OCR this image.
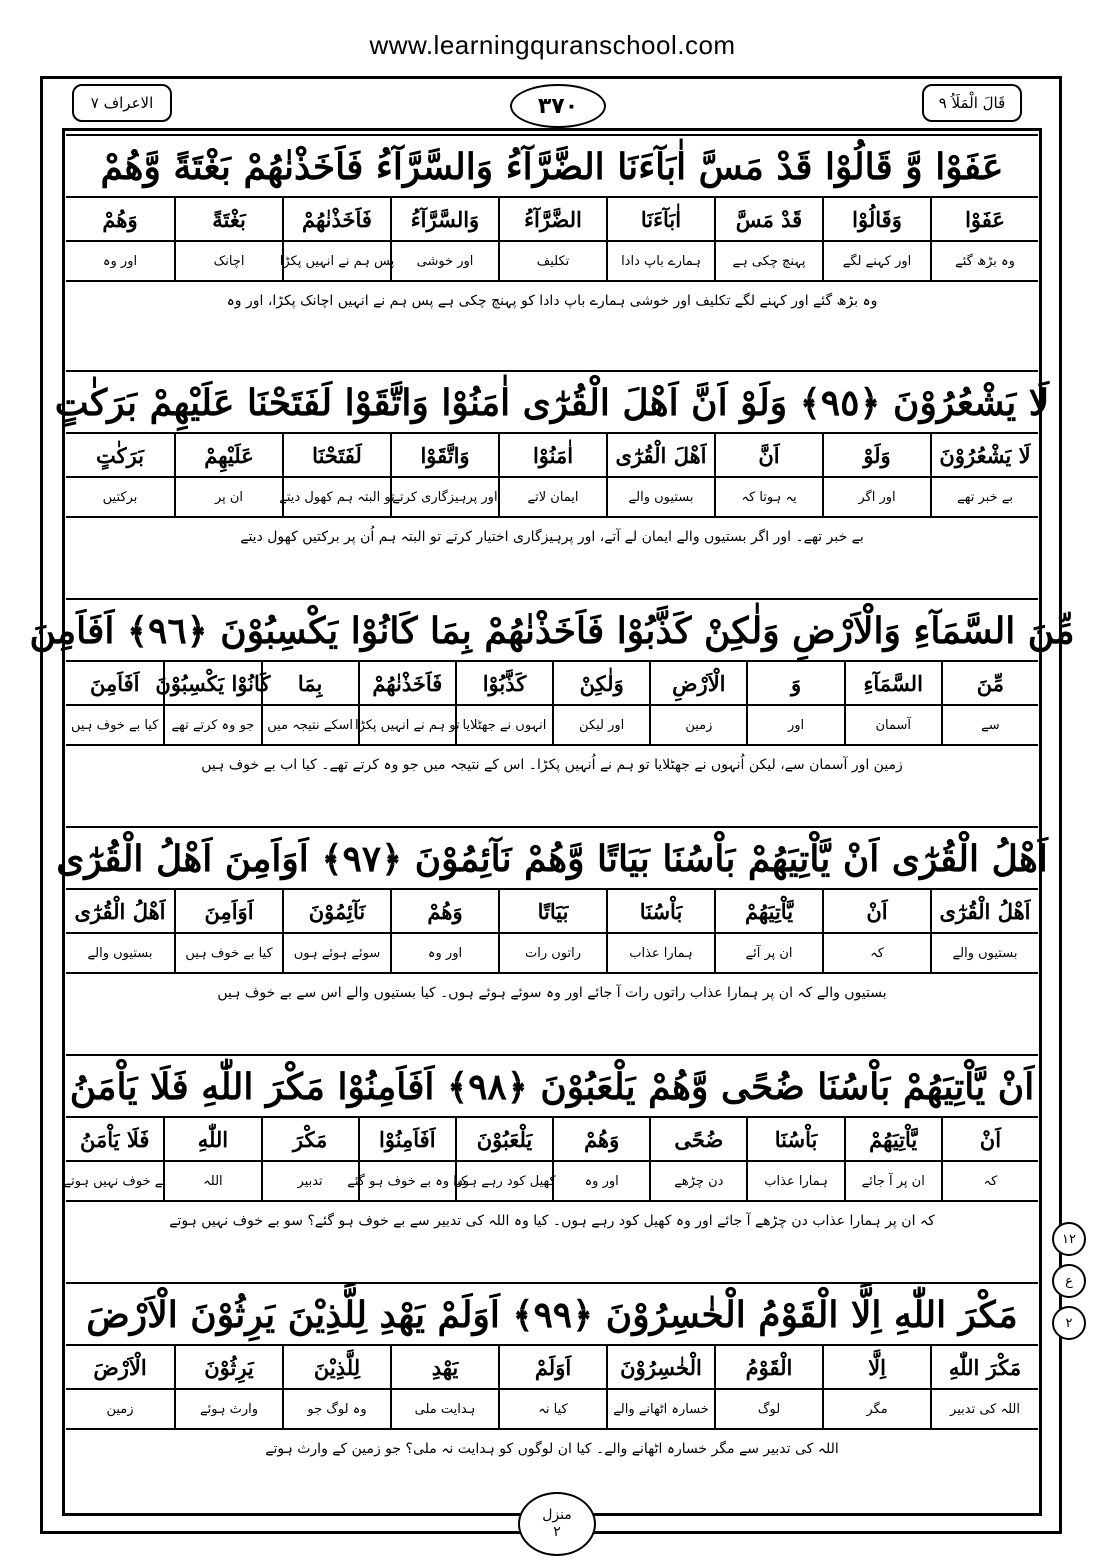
www.learningquranschool.com
قَالَ الْمَلَاُ ٩
٣٧٠
الاعراف ٧
عَفَوْا وَّ قَالُوْا قَدْ مَسَّ اٰبَآءَنَا الضَّرَّآءُ وَالسَّرَّآءُ فَاَخَذْنٰهُمْ بَغْتَةً وَّهُمْ
عَفَوْا
وَقَالُوْا
قَدْ مَسَّ
اٰبَآءَنَا
الضَّرَّآءُ
وَالسَّرَّآءُ
فَاَخَذْنٰهُمْ
بَغْتَةً
وَهُمْ
وہ بڑھ گئے
اور کہنے لگے
پہنچ چکی ہے
ہمارے باپ دادا
تکلیف
اور خوشی
پس ہم نے انہیں پکڑا
اچانک
اور وہ
وہ بڑھ گئے اور کہنے لگے تکلیف اور خوشی ہمارے باپ دادا کو پہنچ چکی ہے پس ہم نے انہیں اچانک پکڑا، اور وہ
لَا يَشْعُرُوْنَ ﴿٩٥﴾ وَلَوْ اَنَّ اَهْلَ الْقُرٰٓى اٰمَنُوْا وَاتَّقَوْا لَفَتَحْنَا عَلَيْهِمْ بَرَكٰتٍ
لَا يَشْعُرُوْنَ
وَلَوْ
اَنَّ
اَهْلَ الْقُرٰٓى
اٰمَنُوْا
وَاتَّقَوْا
لَفَتَحْنَا
عَلَيْهِمْ
بَرَكٰتٍ
بے خبر تھے
اور اگر
یہ ہوتا کہ
بستیوں والے
ایمان لاتے
اور پرہیزگاری کرتے
تو البتہ ہم کھول دیتے
ان پر
برکتیں
بے خبر تھے۔ اور اگر بستیوں والے ایمان لے آتے، اور پرہیزگاری اختیار کرتے تو البتہ ہم اُن پر برکتیں کھول دیتے
مِّنَ السَّمَآءِ وَالْاَرْضِ وَلٰكِنْ كَذَّبُوْا فَاَخَذْنٰهُمْ بِمَا كَانُوْا يَكْسِبُوْنَ ﴿٩٦﴾ اَفَاَمِنَ
مِّنَ
السَّمَآءِ
وَ
الْاَرْضِ
وَلٰكِنْ
كَذَّبُوْا
فَاَخَذْنٰهُمْ
بِمَا
كَانُوْا يَكْسِبُوْنَ
اَفَاَمِنَ
سے
آسمان
اور
زمین
اور لیکن
انہوں نے جھٹلایا
تو ہم نے انہیں پکڑا
اسکے نتیجہ میں
جو وہ کرتے تھے
کیا بے خوف ہیں
زمین اور آسمان سے، لیکن اُنہوں نے جھٹلایا تو ہم نے اُنہیں پکڑا۔ اس کے نتیجہ میں جو وہ کرتے تھے۔ کیا اب بے خوف ہیں
اَهْلُ الْقُرٰٓى اَنْ يَّاْتِيَهُمْ بَاْسُنَا بَيَاتًا وَّهُمْ نَآئِمُوْنَ ﴿٩٧﴾ اَوَاَمِنَ اَهْلُ الْقُرٰٓى
اَهْلُ الْقُرٰٓى
اَنْ
يَّاْتِيَهُمْ
بَاْسُنَا
بَيَاتًا
وَهُمْ
نَآئِمُوْنَ
اَوَاَمِنَ
اَهْلُ الْقُرٰٓى
بستیوں والے
کہ
ان پر آئے
ہمارا عذاب
راتوں رات
اور وہ
سوئے ہوئے ہوں
کیا بے خوف ہیں
بستیوں والے
بستیوں والے کہ ان پر ہمارا عذاب راتوں رات آ جائے اور وہ سوئے ہوئے ہوں۔ کیا بستیوں والے اس سے بے خوف ہیں
اَنْ يَّاْتِيَهُمْ بَاْسُنَا ضُحًى وَّهُمْ يَلْعَبُوْنَ ﴿٩٨﴾ اَفَاَمِنُوْا مَكْرَ اللّٰهِ فَلَا يَاْمَنُ
اَنْ
يَّاْتِيَهُمْ
بَاْسُنَا
ضُحًى
وَهُمْ
يَلْعَبُوْنَ
اَفَاَمِنُوْا
مَكْرَ
اللّٰهِ
فَلَا يَاْمَنُ
کہ
ان پر آ جائے
ہمارا عذاب
دن چڑھے
اور وہ
کھیل کود رہے ہوں
کیا وہ بے خوف ہو گئے
تدبیر
اللہ
بے خوف نہیں ہوتے
کہ ان پر ہمارا عذاب دن چڑھے آ جائے اور وہ کھیل کود رہے ہوں۔ کیا وہ اللہ کی تدبیر سے بے خوف ہو گئے؟ سو بے خوف نہیں ہوتے
مَكْرَ اللّٰهِ اِلَّا الْقَوْمُ الْخٰسِرُوْنَ ﴿٩٩﴾ اَوَلَمْ يَهْدِ لِلَّذِيْنَ يَرِثُوْنَ الْاَرْضَ
مَكْرَ اللّٰهِ
اِلَّا
الْقَوْمُ
الْخٰسِرُوْنَ
اَوَلَمْ
يَهْدِ
لِلَّذِيْنَ
يَرِثُوْنَ
الْاَرْضَ
اللہ کی تدبیر
مگر
لوگ
خسارہ اٹھانے والے
کیا نہ
ہدایت ملی
وہ لوگ جو
وارث ہوئے
زمین
اللہ کی تدبیر سے مگر خسارہ اٹھانے والے۔ کیا ان لوگوں کو ہدایت نہ ملی؟ جو زمین کے وارث ہوتے
١٢
ع
٢
منزل
٢
